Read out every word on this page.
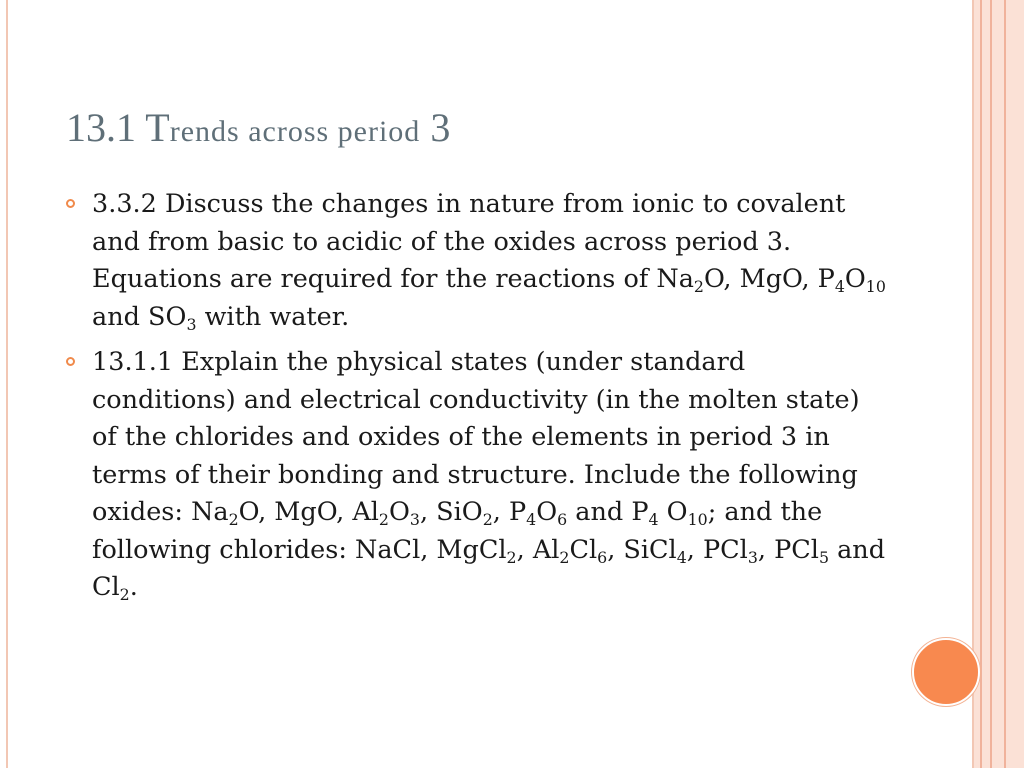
13.1 Trends across period 3
3.3.2 Discuss the changes in nature from ionic to covalent and from basic to acidic of the oxides across period 3. Equations are required for the reactions of $Na_2O$, MgO, $P_4O_{10}$ and $SO_3$ with water.
13.1.1 Explain the physical states (under standard conditions) and electrical conductivity (in the molten state) of the chlorides and oxides of the elements in period 3 in terms of their bonding and structure. Include the following oxides: $Na_2O$, MgO, $Al_2O_3$, SiO$_2$, $P_4O_6$ and $P_4$ $O_{10}$; and the following chlorides: NaCl, MgCl$_2$, $Al_2Cl_6$, SiCl$_4$, PCl$_3$, PCl$_5$ and $Cl_2$.
